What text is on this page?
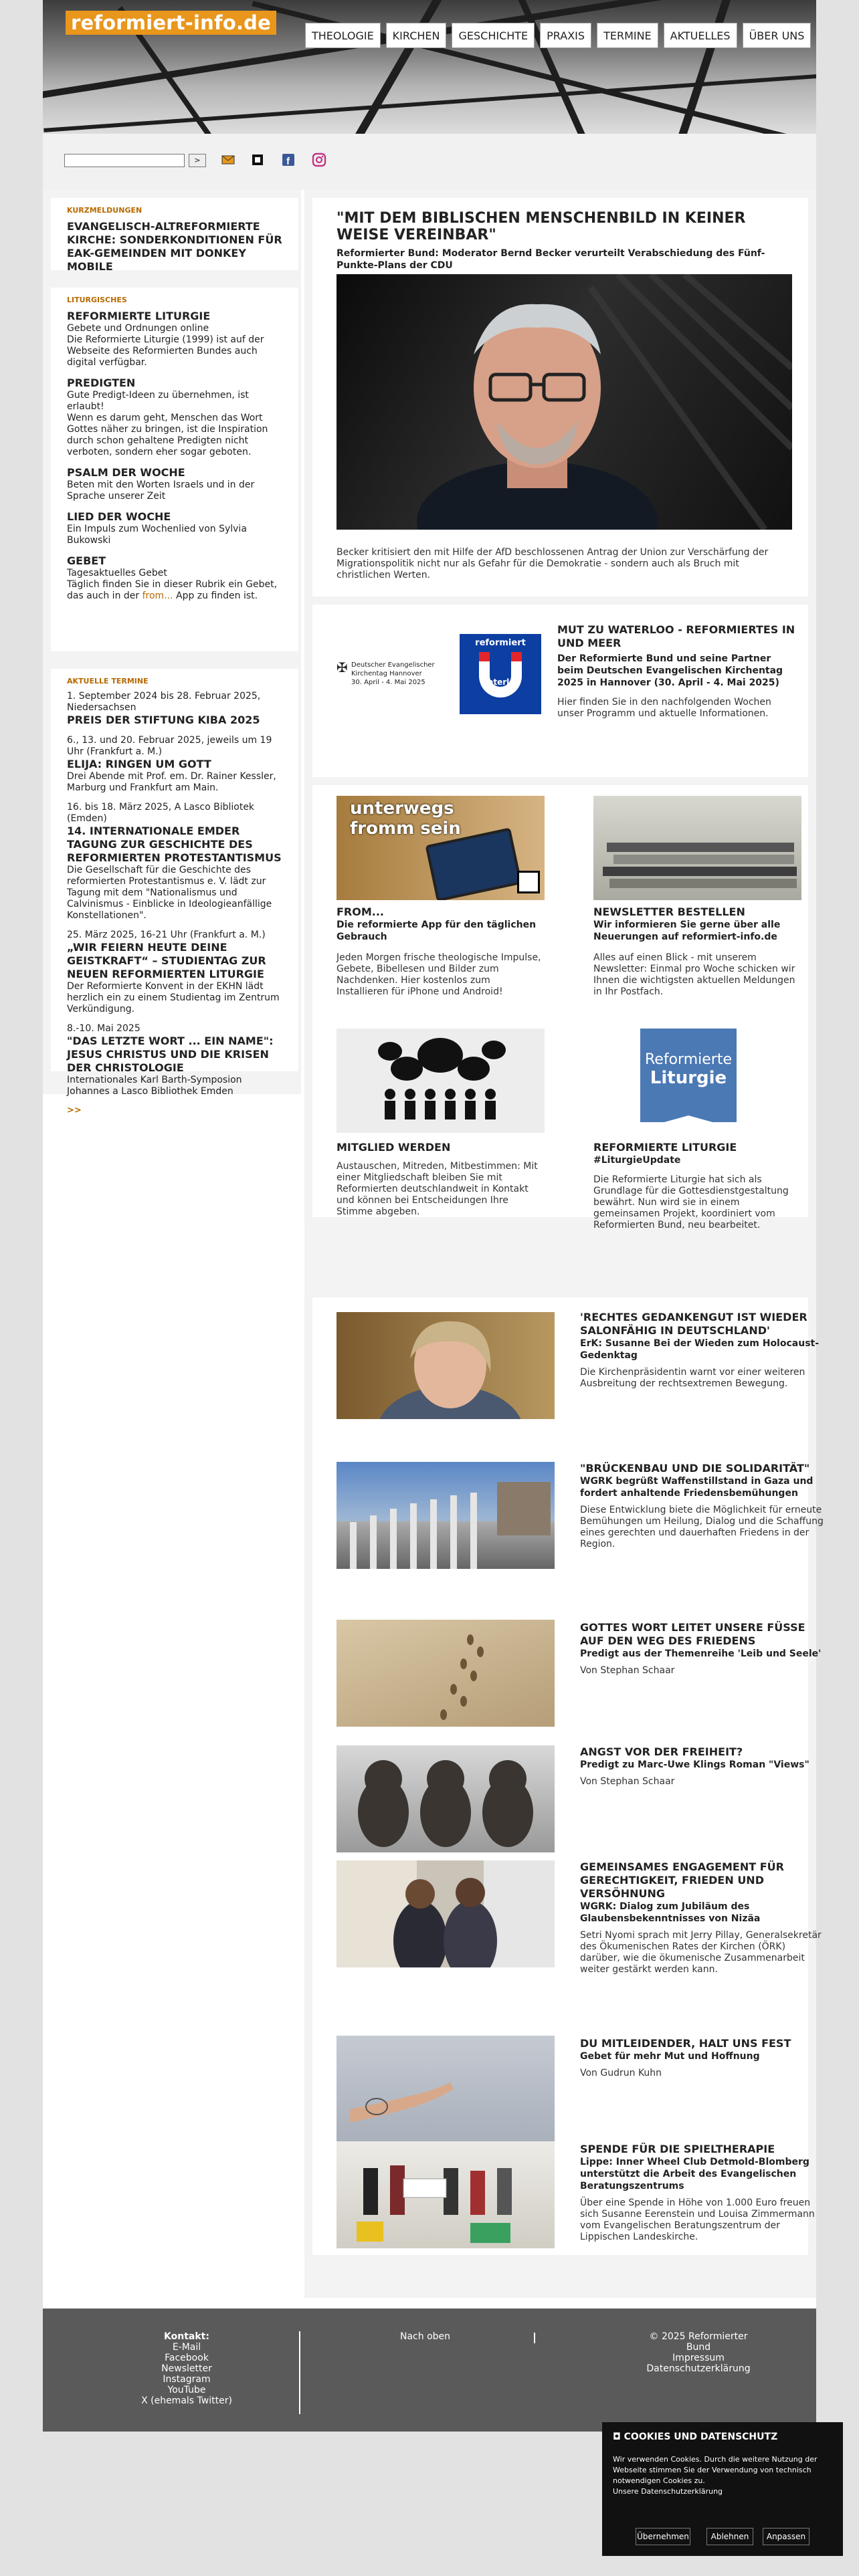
reformiert-info.de
THEOLOGIE	KIRCHEN	GESCHICHTE	PRAXIS	TERMINE	AKTUELLES	ÜBER UNS
>	f
KURZMELDUNGEN
EVANGELISCH-ALTREFORMIERTE KIRCHE: SONDERKONDITIONEN FÜR EAK-GEMEINDEN MIT DONKEY MOBILE
LITURGISCHES
REFORMIERTE LITURGIE
Gebete und Ordnungen online
Die Reformierte Liturgie (1999) ist auf der Webseite des Reformierten Bundes auch digital verfügbar.
PREDIGTEN
Gute Predigt-Ideen zu übernehmen, ist erlaubt!
Wenn es darum geht, Menschen das Wort Gottes näher zu bringen, ist die Inspiration durch schon gehaltene Predigten nicht verboten, sondern eher sogar geboten.
PSALM DER WOCHE
Beten mit den Worten Israels und in der Sprache unserer Zeit
LIED DER WOCHE
Ein Impuls zum Wochenlied von Sylvia Bukowski
GEBET
Tagesaktuelles Gebet
Täglich finden Sie in dieser Rubrik ein Gebet, das auch in der from... App zu finden ist.
AKTUELLE TERMINE
1. September 2024 bis 28. Februar 2025, Niedersachsen
PREIS DER STIFTUNG KIBA 2025
6., 13. und 20. Februar 2025, jeweils um 19 Uhr (Frankfurt a. M.)
ELIJA: RINGEN UM GOTT
Drei Abende mit Prof. em. Dr. Rainer Kessler, Marburg und Frankfurt am Main.
16. bis 18. März 2025, A Lasco Bibliotek (Emden)
14. INTERNATIONALE EMDER TAGUNG ZUR GESCHICHTE DES REFORMIERTEN PROTESTANTISMUS
Die Gesellschaft für die Geschichte des reformierten Protestantismus e. V. lädt zur Tagung mit dem "Nationalismus und Calvinismus - Einblicke in Ideologieanfällige Konstellationen".
25. März 2025, 16-21 Uhr (Frankfurt a. M.)
„WIR FEIERN HEUTE DEINE GEISTKRAFT“ – STUDIENTAG ZUR NEUEN REFORMIERTEN LITURGIE
Der Reformierte Konvent in der EKHN lädt herzlich ein zu einem Studientag im Zentrum Verkündigung.
8.-10. Mai 2025
"DAS LETZTE WORT ... EIN NAME": JESUS CHRISTUS UND DIE KRISEN DER CHRISTOLOGIE
Internationales Karl Barth-Symposion Johannes a Lasco Bibliothek Emden
>>
"MIT DEM BIBLISCHEN MENSCHENBILD IN KEINER WEISE VEREINBAR"
Reformierter Bund: Moderator Bernd Becker verurteilt Verabschiedung des Fünf-Punkte-Plans der CDU
Becker kritisiert den mit Hilfe der AfD beschlossenen Antrag der Union zur Verschärfung der Migrationspolitik nicht nur als Gefahr für die Demokratie - sondern auch als Bruch mit christlichen Werten.
✠ Deutscher Evangelischer Kirchentag Hannover
30. April - 4. Mai 2025
reformiert
waterloo
MUT ZU WATERLOO - REFORMIERTES IN UND MEER
Der Reformierte Bund und seine Partner beim Deutschen Evangelischen Kirchentag 2025 in Hannover (30. April - 4. Mai 2025)
Hier finden Sie in den nachfolgenden Wochen unser Programm und aktuelle Informationen.
unterwegs
fromm sein
FROM...
Die reformierte App für den täglichen Gebrauch
Jeden Morgen frische theologische Impulse, Gebete, Bibellesen und Bilder zum Nachdenken. Hier kostenlos zum Installieren für iPhone und Android!
NEWSLETTER BESTELLEN
Wir informieren Sie gerne über alle Neuerungen auf reformiert-info.de
Alles auf einen Blick - mit unserem Newsletter: Einmal pro Woche schicken wir Ihnen die wichtigsten aktuellen Meldungen in Ihr Postfach.
MITGLIED WERDEN
Austauschen, Mitreden, Mitbestimmen: Mit einer Mitgliedschaft bleiben Sie mit Reformierten deutschlandweit in Kontakt und können bei Entscheidungen Ihre Stimme abgeben.
Reformierte
Liturgie
REFORMIERTE LITURGIE
#LiturgieUpdate
Die Reformierte Liturgie hat sich als Grundlage für die Gottesdienstgestaltung bewährt. Nun wird sie in einem gemeinsamen Projekt, koordiniert vom Reformierten Bund, neu bearbeitet.
'RECHTES GEDANKENGUT IST WIEDER SALONFÄHIG IN DEUTSCHLAND'
ErK: Susanne Bei der Wieden zum Holocaust-Gedenktag
Die Kirchenpräsidentin warnt vor einer weiteren Ausbreitung der rechtsextremen Bewegung.
"BRÜCKENBAU UND DIE SOLIDARITÄT"
WGRK begrüßt Waffenstillstand in Gaza und fordert anhaltende Friedensbemühungen
Diese Entwicklung biete die Möglichkeit für erneute Bemühungen um Heilung, Dialog und die Schaffung eines gerechten und dauerhaften Friedens in der Region.
GOTTES WORT LEITET UNSERE FÜSSE AUF DEN WEG DES FRIEDENS
Predigt aus der Themenreihe 'Leib und Seele'
Von Stephan Schaar
ANGST VOR DER FREIHEIT?
Predigt zu Marc-Uwe Klings Roman "Views"
Von Stephan Schaar
GEMEINSAMES ENGAGEMENT FÜR GERECHTIGKEIT, FRIEDEN UND VERSÖHNUNG
WGRK: Dialog zum Jubiläum des Glaubensbekenntnisses von Nizäa
Setri Nyomi sprach mit Jerry Pillay, Generalsekretär des Ökumenischen Rates der Kirchen (ÖRK) darüber, wie die ökumenische Zusammenarbeit weiter gestärkt werden kann.
DU MITLEIDENDER, HALT UNS FEST
Gebet für mehr Mut und Hoffnung
Von Gudrun Kuhn
SPENDE FÜR DIE SPIELTHERAPIE
Lippe: Inner Wheel Club Detmold-Blomberg unterstützt die Arbeit des Evangelischen Beratungszentrums
Über eine Spende in Höhe von 1.000 Euro freuen sich Susanne Eerenstein und Louisa Zimmermann vom Evangelischen Beratungszentrum der Lippischen Landeskirche.
Kontakt:
E-Mail
Facebook
Newsletter
Instagram
YouTube
X (ehemals Twitter)
Nach oben	© 2025 Reformierter Bund
Impressum
Datenschutzerklärung
◘ COOKIES UND DATENSCHUTZ
Wir verwenden Cookies. Durch die weitere Nutzung der Webseite stimmen Sie der Verwendung von technisch notwendigen Cookies zu.
Unsere Datenschutzerklärung
Übernehmen	Ablehnen	Anpassen
